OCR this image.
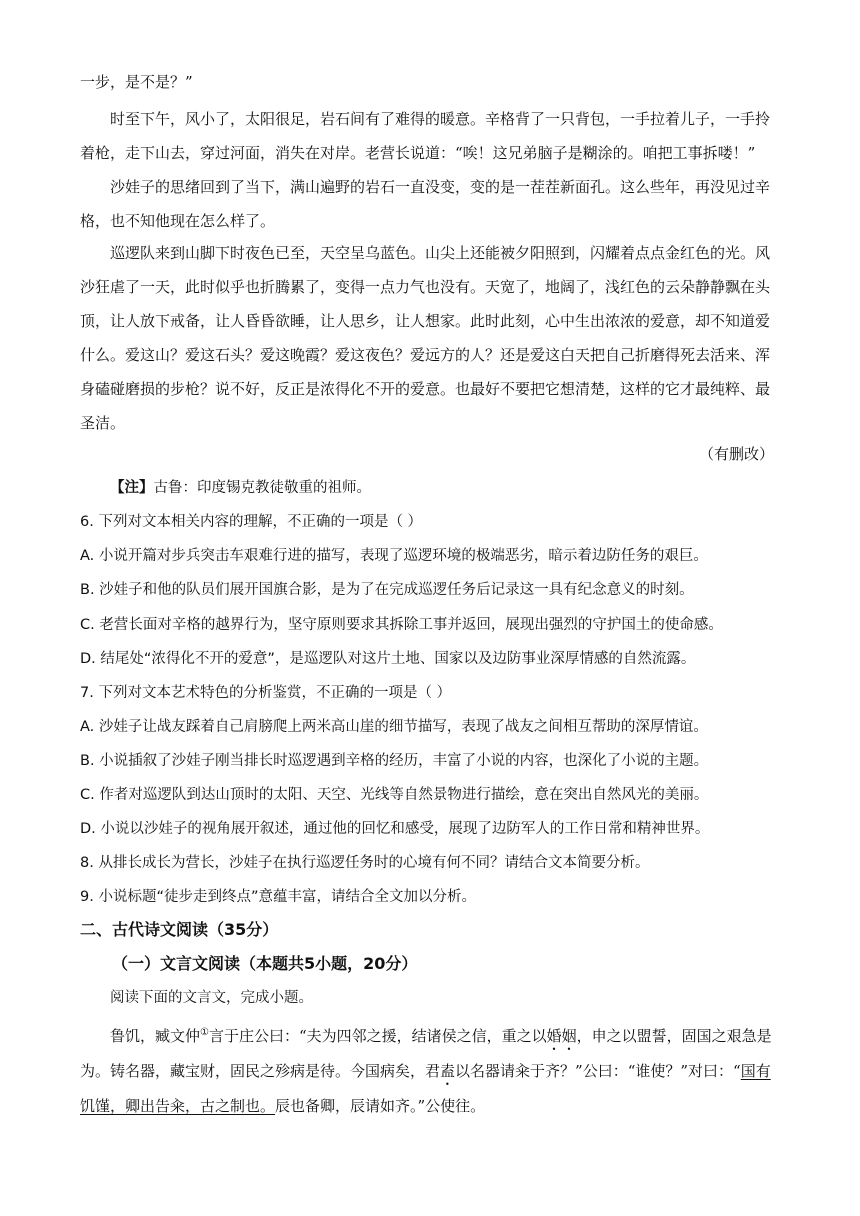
一步，是不是？”

时至下午，风小了，太阳很足，岩石间有了难得的暖意。辛格背了一只背包，一手拉着儿子，一手拎着枪，走下山去，穿过河面，消失在对岸。老营长说道：“唉！这兄弟脑子是糊涂的。咱把工事拆喽！”

沙娃子的思绪回到了当下，满山遍野的岩石一直没变，变的是一茬茬新面孔。这么些年，再没见过辛格，也不知他现在怎么样了。

巡逻队来到山脚下时夜色已至，天空呈乌蓝色。山尖上还能被夕阳照到，闪耀着点点金红色的光。风沙狂虐了一天，此时似乎也折腾累了，变得一点力气也没有。天宽了，地阔了，浅红色的云朵静静飘在头顶，让人放下戒备，让人昏昏欲睡，让人思乡，让人想家。此时此刻，心中生出浓浓的爱意，却不知道爱什么。爱这山？爱这石头？爱这晚霞？爱这夜色？爱远方的人？还是爱这白天把自己折磨得死去活来、浑身磕碰磨损的步枪？说不好，反正是浓得化不开的爱意。也最好不要把它想清楚，这样的它才最纯粹、最圣洁。

（有删改）

【注】古鲁：印度锡克教徒敬重的祖师。

6. 下列对文本相关内容的理解，不正确的一项是（ ）

A. 小说开篇对步兵突击车艰难行进的描写，表现了巡逻环境的极端恶劣，暗示着边防任务的艰巨。

B. 沙娃子和他的队员们展开国旗合影，是为了在完成巡逻任务后记录这一具有纪念意义的时刻。

C. 老营长面对辛格的越界行为，坚守原则要求其拆除工事并返回，展现出强烈的守护国土的使命感。

D. 结尾处“浓得化不开的爱意”，是巡逻队对这片土地、国家以及边防事业深厚情感的自然流露。

7. 下列对文本艺术特色的分析鉴赏，不正确的一项是（ ）

A. 沙娃子让战友踩着自己肩膀爬上两米高山崖的细节描写，表现了战友之间相互帮助的深厚情谊。

B. 小说插叙了沙娃子刚当排长时巡逻遇到辛格的经历，丰富了小说的内容，也深化了小说的主题。

C. 作者对巡逻队到达山顶时的太阳、天空、光线等自然景物进行描绘，意在突出自然风光的美丽。

D. 小说以沙娃子的视角展开叙述，通过他的回忆和感受，展现了边防军人的工作日常和精神世界。

8. 从排长成长为营长，沙娃子在执行巡逻任务时的心境有何不同？请结合文本简要分析。

9. 小说标题“徒步走到终点”意蕴丰富，请结合全文加以分析。

二、古代诗文阅读（35分）

（一）文言文阅读（本题共5小题，20分）

阅读下面的文言文，完成小题。

鲁饥，臧文仲①言于庄公曰：“夫为四邻之援，结诸侯之信，重之以婚姻，申之以盟誓，固国之艰急是为。铸名器，藏宝财，固民之殄病是待。今国病矣，君盍以名器请籴于齐？”公曰：“谁使？”对曰：“国有饥馑，卿出告籴，古之制也。辰也备卿，辰请如齐。”公使往。
